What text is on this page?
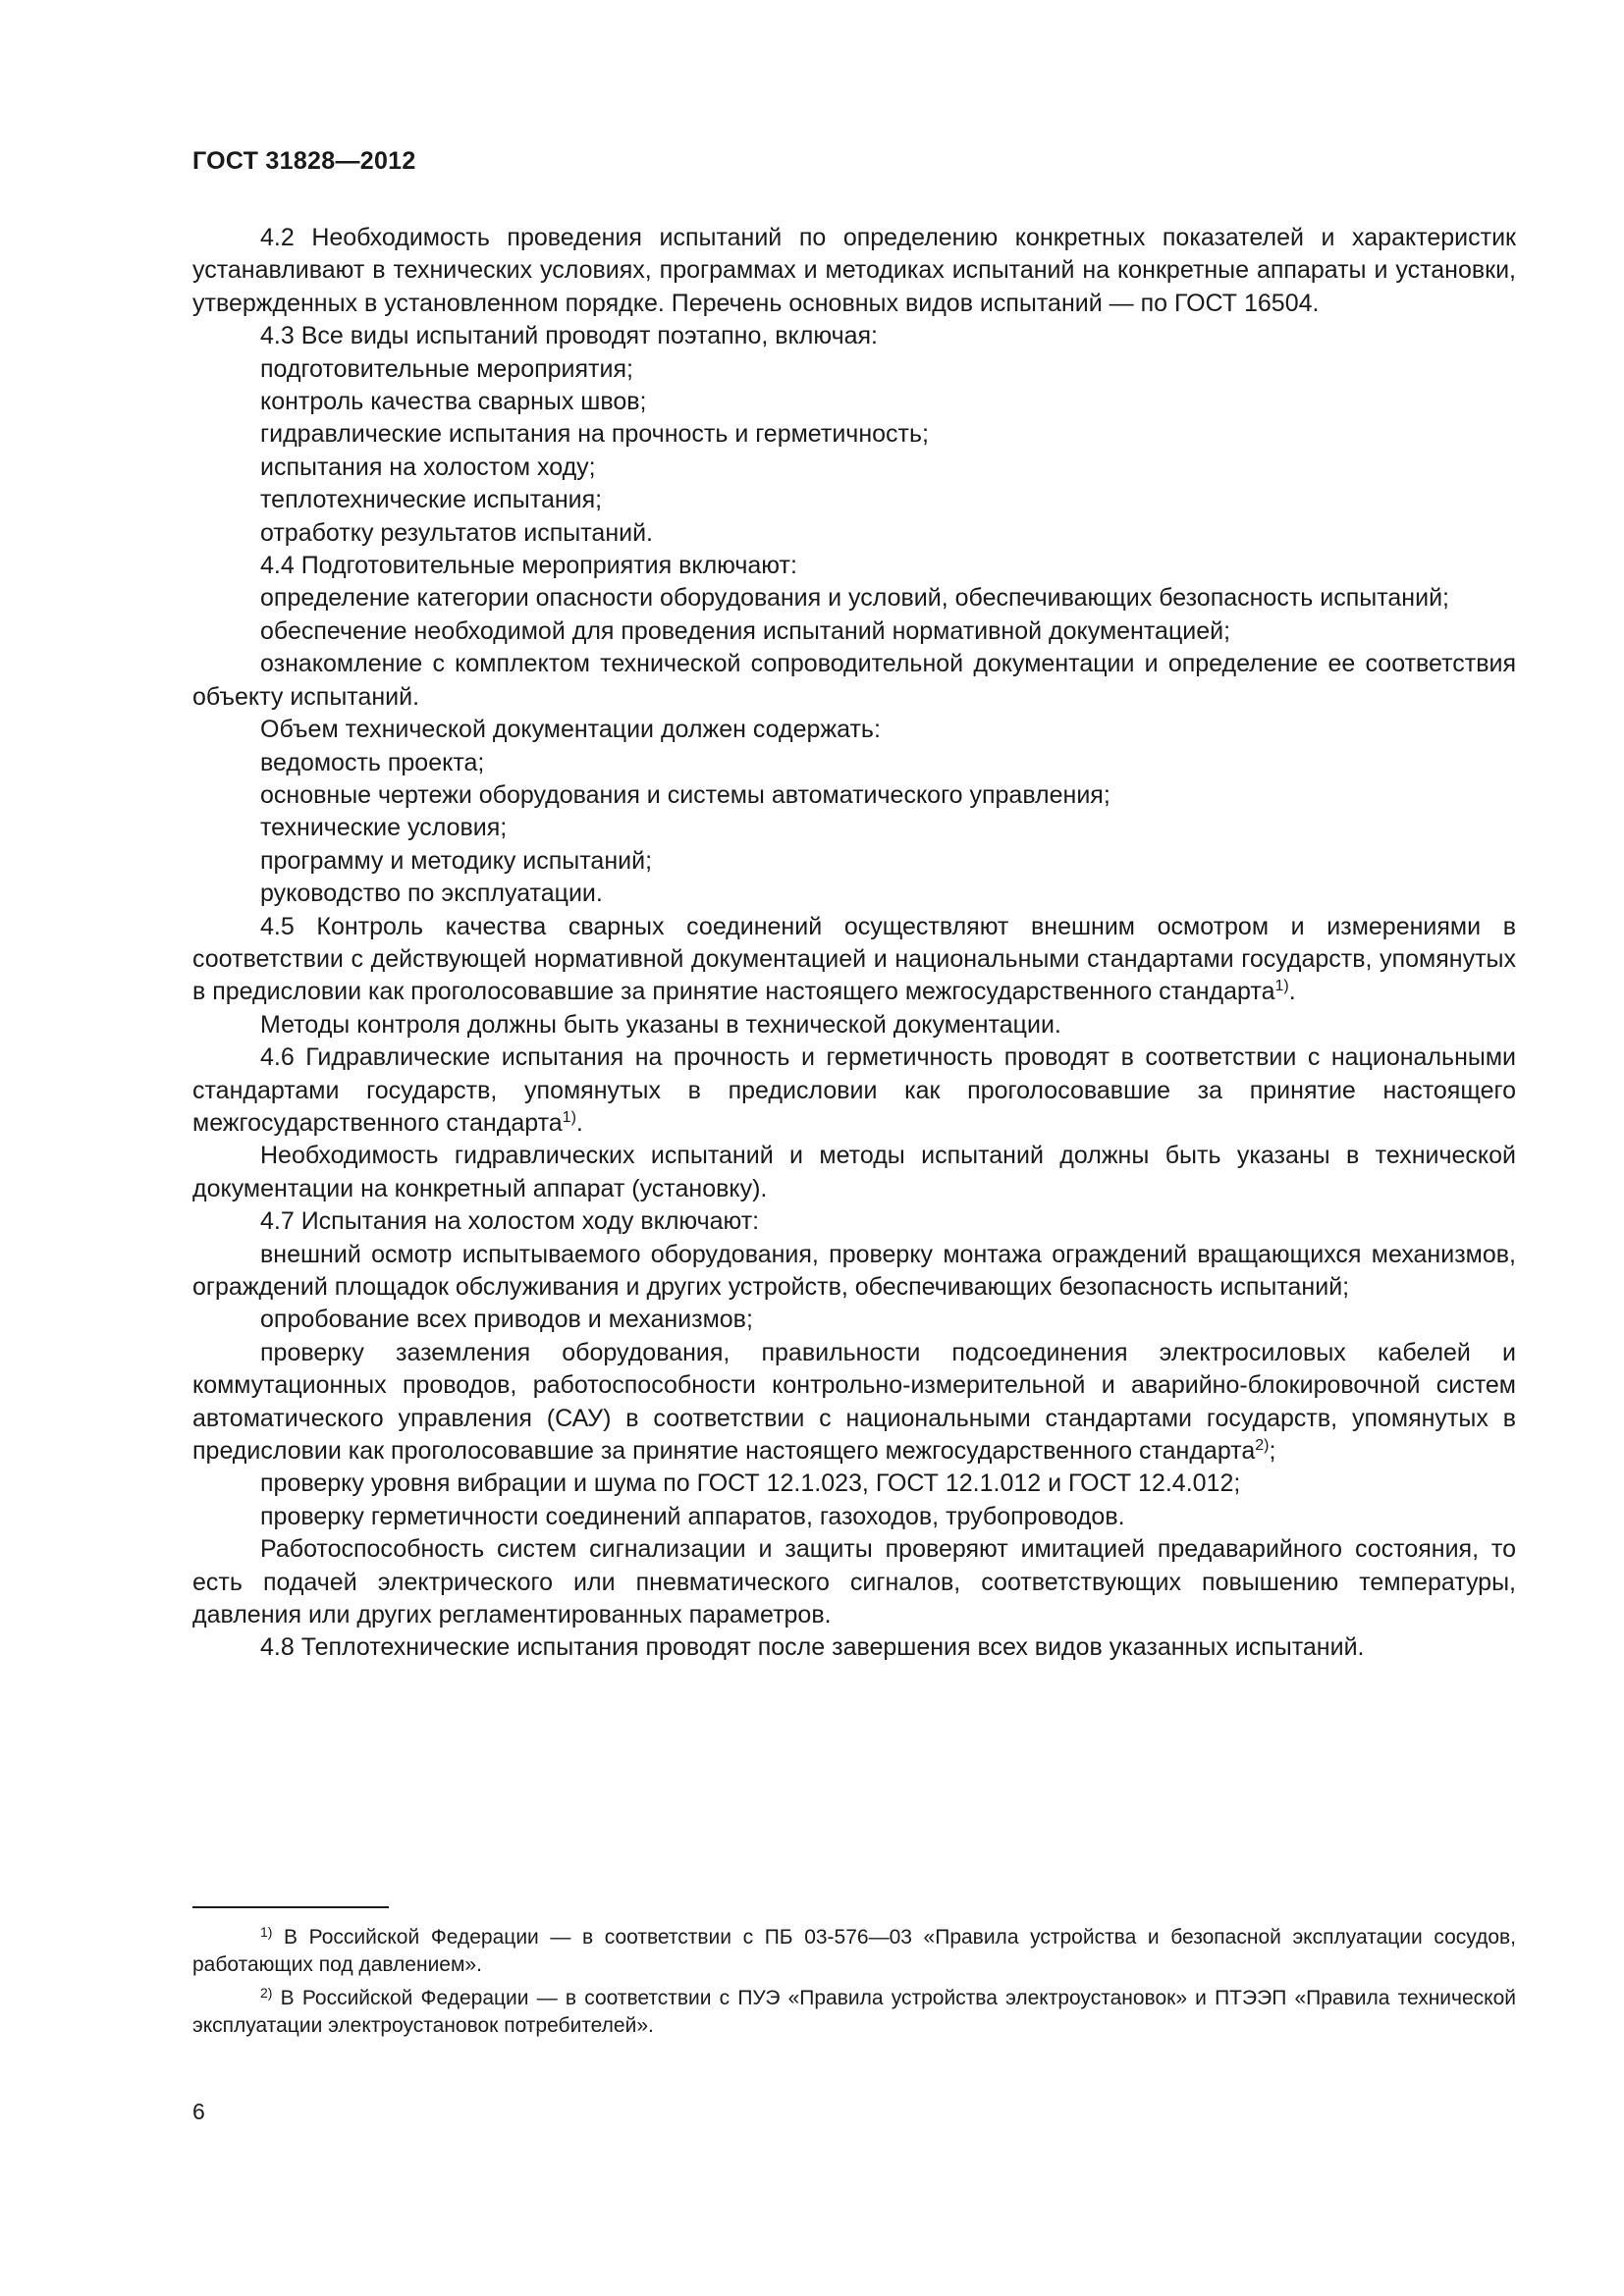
ГОСТ 31828—2012

4.2 Необходимость проведения испытаний по определению конкретных показателей и характеристик устанавливают в технических условиях, программах и методиках испытаний на конкретные аппараты и установки, утвержденных в установленном порядке. Перечень основных видов испытаний — по ГОСТ 16504.

4.3 Все виды испытаний проводят поэтапно, включая:

подготовительные мероприятия;

контроль качества сварных швов;

гидравлические испытания на прочность и герметичность;

испытания на холостом ходу;

теплотехнические испытания;

отработку результатов испытаний.

4.4 Подготовительные мероприятия включают:

определение категории опасности оборудования и условий, обеспечивающих безопасность испытаний;

обеспечение необходимой для проведения испытаний нормативной документацией;

ознакомление с комплектом технической сопроводительной документации и определение ее соответствия объекту испытаний.

Объем технической документации должен содержать:

ведомость проекта;

основные чертежи оборудования и системы автоматического управления;

технические условия;

программу и методику испытаний;

руководство по эксплуатации.

4.5 Контроль качества сварных соединений осуществляют внешним осмотром и измерениями в соответствии с действующей нормативной документацией и национальными стандартами государств, упомянутых в предисловии как проголосовавшие за принятие настоящего межгосударственного стандарта$^{1)}$.

Методы контроля должны быть указаны в технической документации.

4.6 Гидравлические испытания на прочность и герметичность проводят в соответствии с национальными стандартами государств, упомянутых в предисловии как проголосовавшие за принятие настоящего межгосударственного стандарта$^{1)}$.

Необходимость гидравлических испытаний и методы испытаний должны быть указаны в технической документации на конкретный аппарат (установку).

4.7 Испытания на холостом ходу включают:

внешний осмотр испытываемого оборудования, проверку монтажа ограждений вращающихся механизмов, ограждений площадок обслуживания и других устройств, обеспечивающих безопасность испытаний;

опробование всех приводов и механизмов;

проверку заземления оборудования, правильности подсоединения электросиловых кабелей и коммутационных проводов, работоспособности контрольно-измерительной и аварийно-блокировочной систем автоматического управления (САУ) в соответствии с национальными стандартами государств, упомянутых в предисловии как проголосовавшие за принятие настоящего межгосударственного стандарта$^{2)}$;

проверку уровня вибрации и шума по ГОСТ 12.1.023, ГОСТ 12.1.012 и ГОСТ 12.4.012;

проверку герметичности соединений аппаратов, газоходов, трубопроводов.

Работоспособность систем сигнализации и защиты проверяют имитацией предаварийного состояния, то есть подачей электрического или пневматического сигналов, соответствующих повышению температуры, давления или других регламентированных параметров.

4.8 Теплотехнические испытания проводят после завершения всех видов указанных испытаний.

$^{1)}$ В Российской Федерации — в соответствии с ПБ 03-576—03 «Правила устройства и безопасной эксплуатации сосудов, работающих под давлением».

$^{2)}$ В Российской Федерации — в соответствии с ПУЭ «Правила устройства электроустановок» и ПТЭЭП «Правила технической эксплуатации электроустановок потребителей».

6
